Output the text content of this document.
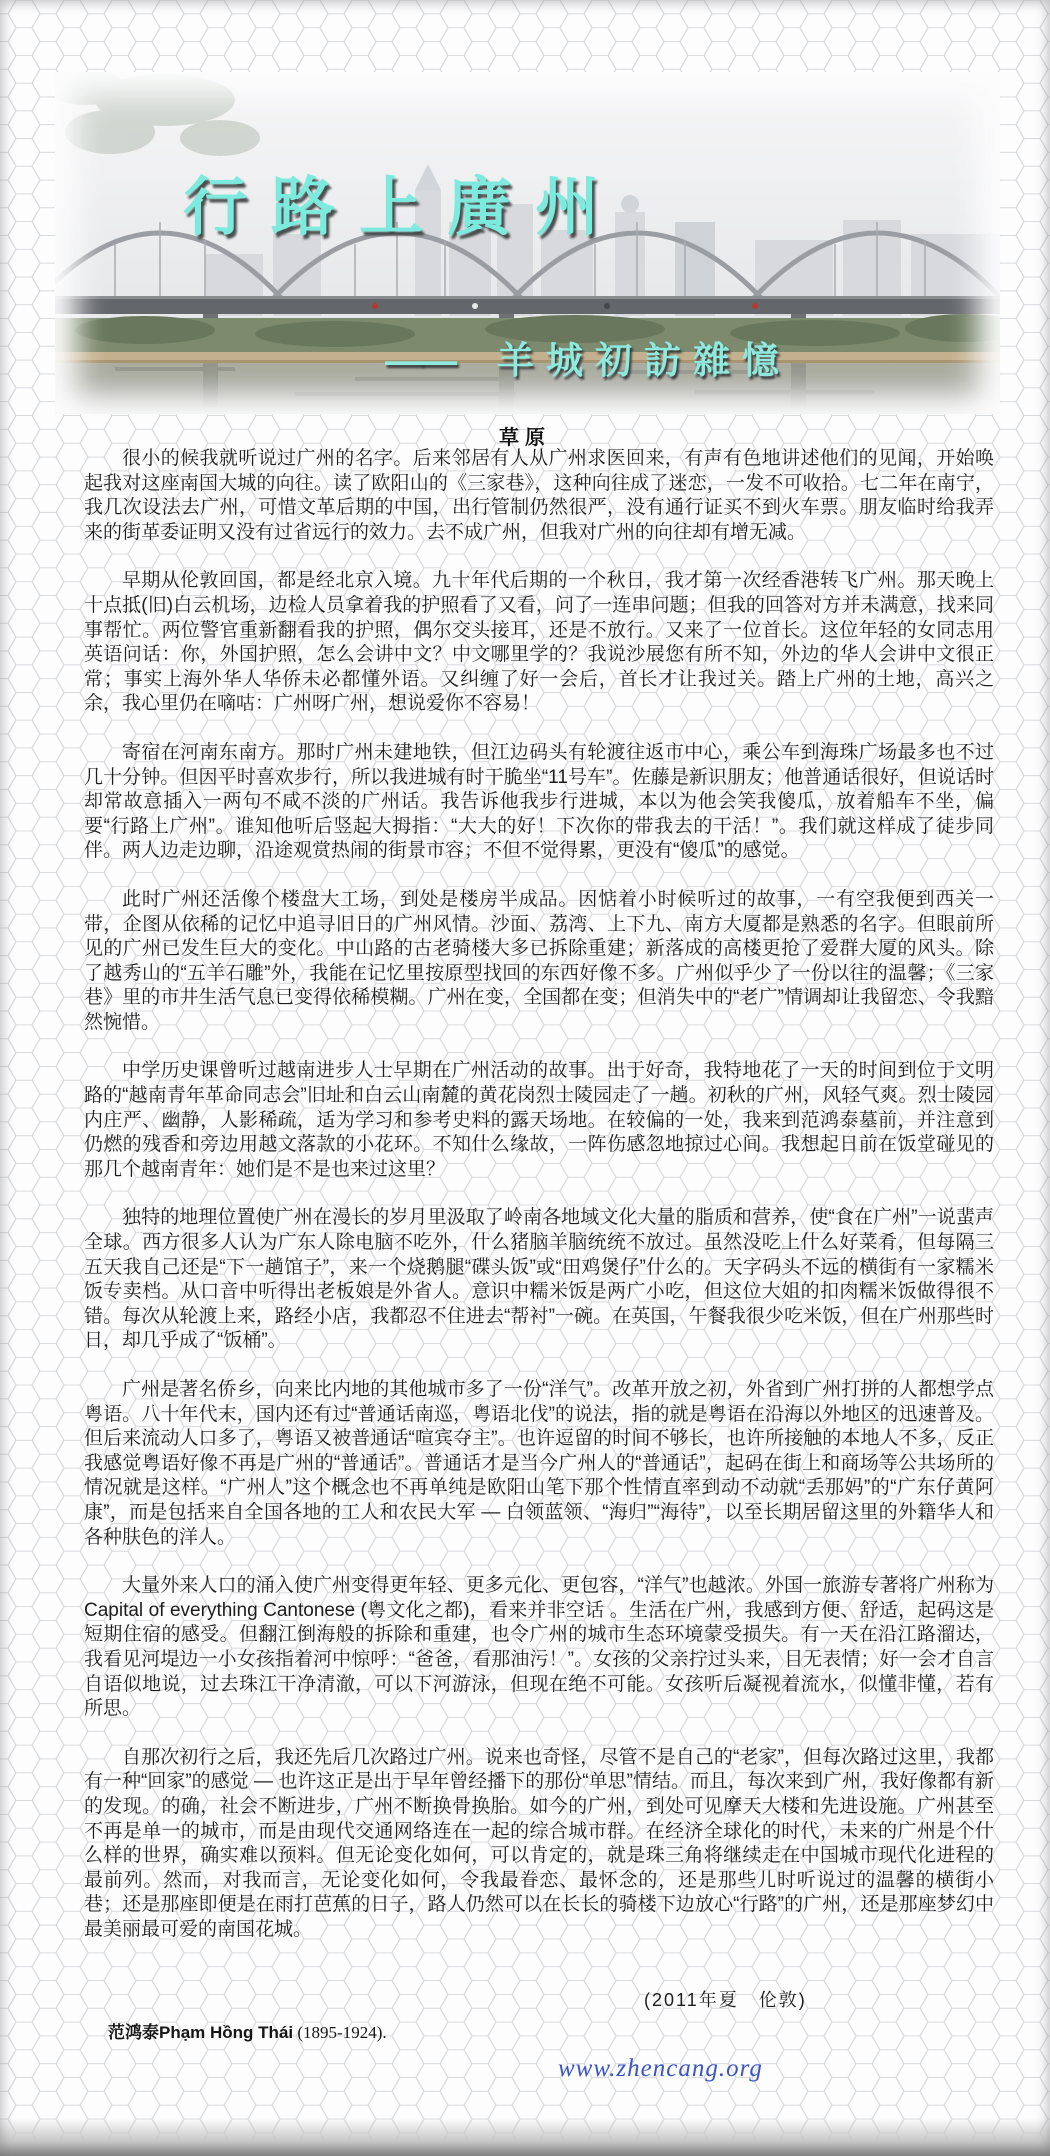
行路上廣州
—— 羊城初訪雜憶
草原

很小的候我就听说过广州的名字。后来邻居有人从广州求医回来，有声有色地讲述他们的见闻，开始唤起我对这座南国大城的向往。读了欧阳山的《三家巷》，这种向往成了迷恋，一发不可收拾。七二年在南宁，我几次设法去广州，可惜文革后期的中国，出行管制仍然很严，没有通行证买不到火车票。朋友临时给我弄来的街革委证明又没有过省远行的效力。去不成广州，但我对广州的向往却有增无减。

早期从伦敦回国，都是经北京入境。九十年代后期的一个秋日，我才第一次经香港转飞广州。那天晚上十点抵(旧)白云机场，边检人员拿着我的护照看了又看，问了一连串问题；但我的回答对方并未满意，找来同事帮忙。两位警官重新翻看我的护照，偶尔交头接耳，还是不放行。又来了一位首长。这位年轻的女同志用英语问话：你，外国护照，怎么会讲中文？中文哪里学的？我说沙展您有所不知，外边的华人会讲中文很正常；事实上海外华人华侨未必都懂外语。又纠缠了好一会后，首长才让我过关。踏上广州的土地，高兴之余，我心里仍在嘀咕：广州呀广州，想说爱你不容易！

寄宿在河南东南方。那时广州未建地铁，但江边码头有轮渡往返市中心，乘公车到海珠广场最多也不过几十分钟。但因平时喜欢步行，所以我进城有时干脆坐“11号车”。佐藤是新识朋友；他普通话很好，但说话时却常故意插入一两句不咸不淡的广州话。我告诉他我步行进城，本以为他会笑我傻瓜，放着船车不坐，偏要“行路上广州”。谁知他听后竖起大拇指：“大大的好！下次你的带我去的干活！”。我们就这样成了徒步同伴。两人边走边聊，沿途观赏热闹的街景市容；不但不觉得累，更没有“傻瓜”的感觉。

此时广州还活像个楼盘大工场，到处是楼房半成品。因惦着小时候听过的故事，一有空我便到西关一带，企图从依稀的记忆中追寻旧日的广州风情。沙面、荔湾、上下九、南方大厦都是熟悉的名字。但眼前所见的广州已发生巨大的变化。中山路的古老骑楼大多已拆除重建；新落成的高楼更抢了爱群大厦的风头。除了越秀山的“五羊石雕”外，我能在记忆里按原型找回的东西好像不多。广州似乎少了一份以往的温馨；《三家巷》里的市井生活气息已变得依稀模糊。广州在变，全国都在变；但消失中的“老广”情调却让我留恋、令我黯然惋惜。

中学历史课曾听过越南进步人士早期在广州活动的故事。出于好奇，我特地花了一天的时间到位于文明路的“越南青年革命同志会”旧址和白云山南麓的黄花岗烈士陵园走了一趟。初秋的广州，风轻气爽。烈士陵园内庄严、幽静，人影稀疏，适为学习和参考史料的露天场地。在较偏的一处，我来到范鸿泰墓前，并注意到仍燃的残香和旁边用越文落款的小花环。不知什么缘故，一阵伤感忽地掠过心间。我想起日前在饭堂碰见的那几个越南青年：她们是不是也来过这里？

独特的地理位置使广州在漫长的岁月里汲取了岭南各地域文化大量的脂质和营养，使“食在广州”一说蜚声全球。西方很多人认为广东人除电脑不吃外，什么猪脑羊脑统统不放过。虽然没吃上什么好菜肴，但每隔三五天我自己还是“下一趟馆子”，来一个烧鹅腿“碟头饭”或“田鸡煲仔”什么的。天字码头不远的横街有一家糯米饭专卖档。从口音中听得出老板娘是外省人。意识中糯米饭是两广小吃，但这位大姐的扣肉糯米饭做得很不错。每次从轮渡上来，路经小店，我都忍不住进去“帮衬”一碗。在英国，午餐我很少吃米饭，但在广州那些时日，却几乎成了“饭桶”。

广州是著名侨乡，向来比内地的其他城市多了一份“洋气”。改革开放之初，外省到广州打拼的人都想学点粤语。八十年代末，国内还有过“普通话南巡，粤语北伐”的说法，指的就是粤语在沿海以外地区的迅速普及。但后来流动人口多了，粤语又被普通话“喧宾夺主”。也许逗留的时间不够长，也许所接触的本地人不多，反正我感觉粤语好像不再是广州的“普通话”。普通话才是当今广州人的“普通话”，起码在街上和商场等公共场所的情况就是这样。“广州人”这个概念也不再单纯是欧阳山笔下那个性情直率到动不动就“丢那妈”的“广东仔黄阿康”，而是包括来自全国各地的工人和农民大军 — 白领蓝领、“海归”“海待”，以至长期居留这里的外籍华人和各种肤色的洋人。

大量外来人口的涌入使广州变得更年轻、更多元化、更包容，“洋气”也越浓。外国一旅游专著将广州称为Capital of everything Cantonese (粤文化之都)，看来并非空话 。生活在广州，我感到方便、舒适，起码这是短期住宿的感受。但翻江倒海般的拆除和重建，也令广州的城市生态环境蒙受损失。有一天在沿江路溜达，我看见河堤边一小女孩指着河中惊呼：“爸爸，看那油污！”。女孩的父亲拧过头来，目无表情；好一会才自言自语似地说，过去珠江干净清澈，可以下河游泳，但现在绝不可能。女孩听后凝视着流水，似懂非懂，若有所思。

自那次初行之后，我还先后几次路过广州。说来也奇怪，尽管不是自己的“老家”，但每次路过这里，我都有一种“回家”的感觉 — 也许这正是出于早年曾经播下的那份“单思”情结。而且，每次来到广州，我好像都有新的发现。的确，社会不断进步，广州不断换骨换胎。如今的广州，到处可见摩天大楼和先进设施。广州甚至不再是单一的城市，而是由现代交通网络连在一起的综合城市群。在经济全球化的时代，未来的广州是个什么样的世界，确实难以预料。但无论变化如何，可以肯定的，就是珠三角将继续走在中国城市现代化进程的最前列。然而，对我而言，无论变化如何，令我最眷恋、最怀念的，还是那些儿时听说过的温馨的横街小巷；还是那座即便是在雨打芭蕉的日子，路人仍然可以在长长的骑楼下边放心“行路”的广州，还是那座梦幻中最美丽最可爱的南国花城。

(2011年夏　伦敦)
范鸿泰Phạm Hồng Thái (1895-1924).
www.zhencang.org
